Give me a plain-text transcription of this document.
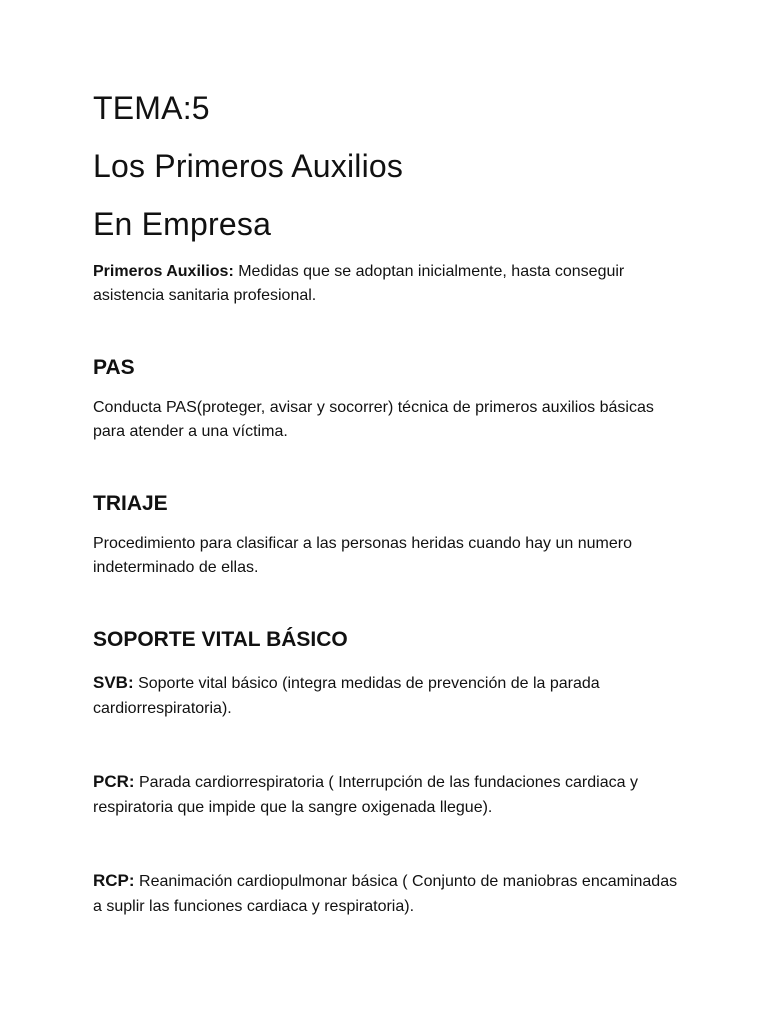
TEMA:5
Los Primeros Auxilios
En Empresa

Primeros Auxilios: Medidas que se adoptan inicialmente, hasta conseguir asistencia sanitaria profesional.

PAS

Conducta PAS(proteger, avisar y socorrer) técnica de primeros auxilios básicas para atender a una víctima.

TRIAJE

Procedimiento para clasificar a las personas heridas cuando hay un numero indeterminado de ellas.

SOPORTE VITAL BÁSICO

SVB: Soporte vital básico (integra medidas de prevención de la parada cardiorrespiratoria).

PCR: Parada cardiorrespiratoria ( Interrupción de las fundaciones cardiaca y respiratoria que impide que la sangre oxigenada llegue).

RCP: Reanimación cardiopulmonar básica ( Conjunto de maniobras encaminadas a suplir las funciones cardiaca y respiratoria).
